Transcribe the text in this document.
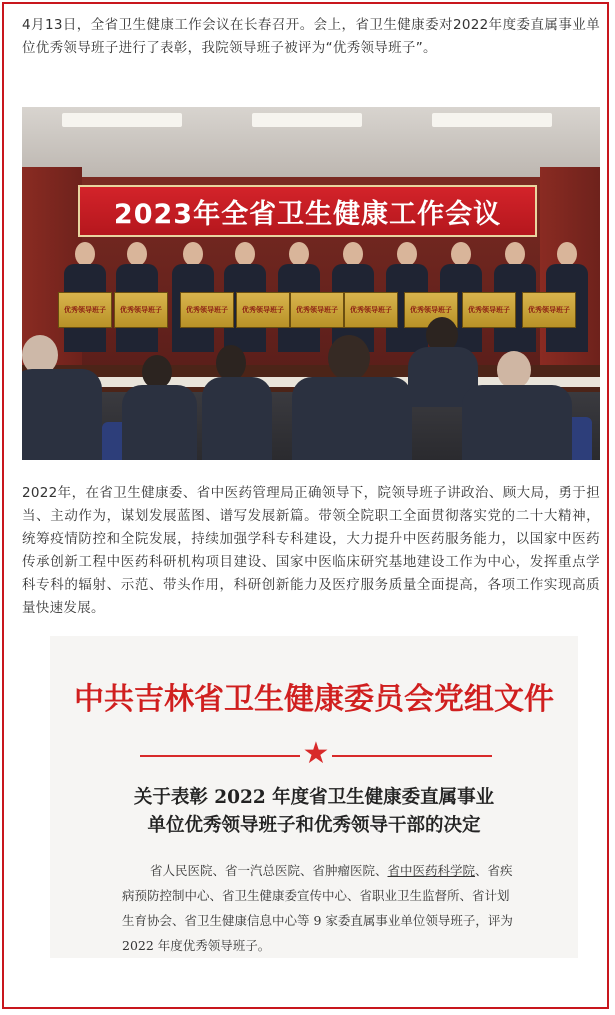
4月13日，全省卫生健康工作会议在长春召开。会上，省卫生健康委对2022年度委直属事业单位优秀领导班子进行了表彰，我院领导班子被评为“优秀领导班子”。

2023年全省卫生健康工作会议
优秀领导班子 优秀领导班子	优秀领导班子 优秀领导班子 优秀领导班子 优秀领导班子	优秀领导班子 优秀领导班子	优秀领导班子

2022年，在省卫生健康委、省中医药管理局正确领导下，院领导班子讲政治、顾大局，勇于担当、主动作为，谋划发展蓝图、谱写发展新篇。带领全院职工全面贯彻落实党的二十大精神，统筹疫情防控和全院发展，持续加强学科专科建设，大力提升中医药服务能力，以国家中医药传承创新工程中医药科研机构项目建设、国家中医临床研究基地建设工作为中心，发挥重点学科专科的辐射、示范、带头作用，科研创新能力及医疗服务质量全面提高，各项工作实现高质量快速发展。

中共吉林省卫生健康委员会党组文件

★

关于表彰 2022 年度省卫生健康委直属事业

单位优秀领导班子和优秀领导干部的决定

省人民医院、省一汽总医院、省肿瘤医院、省中医药科学院、省疾病预防控制中心、省卫生健康委宣传中心、省职业卫生监督所、省计划生育协会、省卫生健康信息中心等 9 家委直属事业单位领导班子，评为 2022 年度优秀领导班子。
